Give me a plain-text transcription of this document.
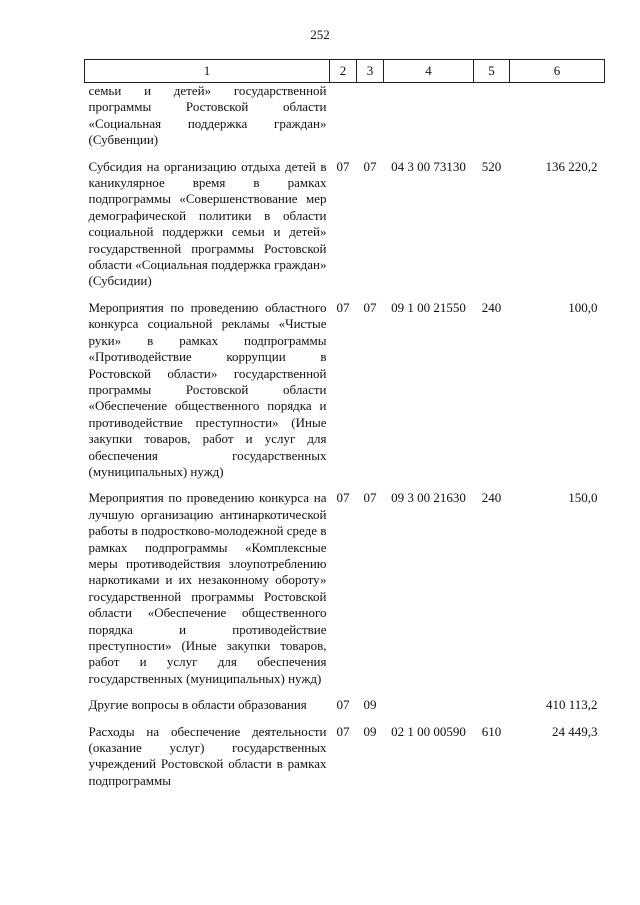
252
1	2	3	4	5	6
семьи и детей» государственной программы Ростовской области «Социальная поддержка граждан» (Субвенции)					
Субсидия на организацию отдыха детей в каникулярное время в рамках подпрограммы «Совершенствование мер демографической политики в области социальной поддержки семьи и детей» государственной программы Ростовской области «Социальная поддержка граждан» (Субсидии)	07	07	04 3 00 73130	520	136 220,2
Мероприятия по проведению областного конкурса социальной рекламы «Чистые руки» в рамках подпрограммы «Противодействие коррупции в Ростовской области» государственной программы Ростовской области «Обеспечение общественного порядка и противодействие преступности» (Иные закупки товаров, работ и услуг для обеспечения государственных (муниципальных) нужд)	07	07	09 1 00 21550	240	100,0
Мероприятия по проведению конкурса на лучшую организацию антинаркотической работы в подростково-молодежной среде в рамках подпрограммы «Комплексные меры противодействия злоупотреблению наркотиками и их незаконному обороту» государственной программы Ростовской области «Обеспечение общественного порядка и противодействие преступности» (Иные закупки товаров, работ и услуг для обеспечения государственных (муниципальных) нужд)	07	07	09 3 00 21630	240	150,0
Другие вопросы в области образования	07	09			410 113,2
Расходы на обеспечение деятельности (оказание услуг) государственных учреждений Ростовской области в рамках подпрограммы	07	09	02 1 00 00590	610	24 449,3
